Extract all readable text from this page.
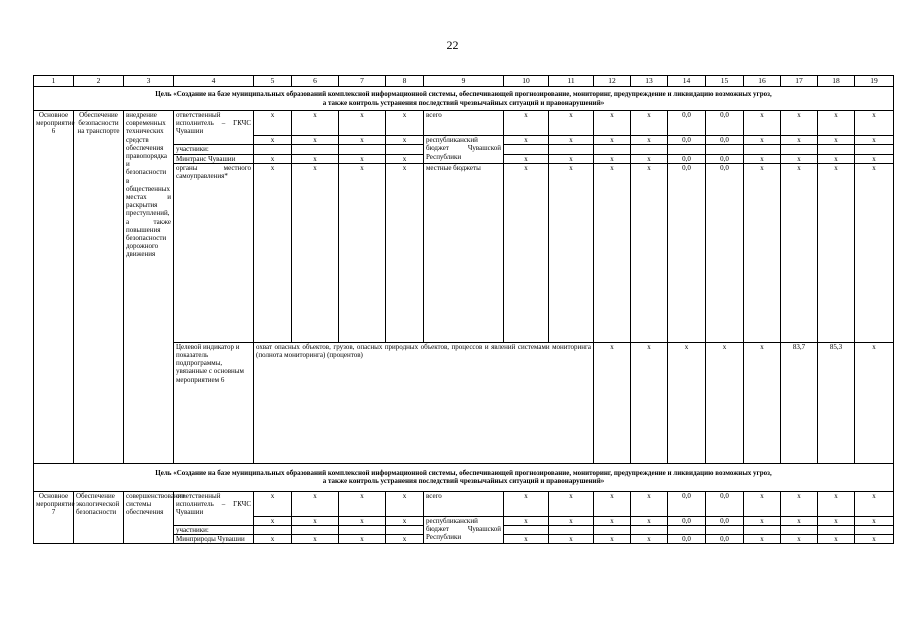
22
1	2	3	4	5	6	7	8	9	10	11	12	13	14	15	16	17	18	19	
Цель «Создание на базе муниципальных образований комплексной информационной системы, обеспечивающей прогнозирование, мониторинг, предупреждение и ликвидацию возможных угроз,
а также контроль устранения последствий чрезвычайных ситуаций и правонарушений»																			
Основное мероприятие 6	Обеспечение безопасности на транспорте	внедрение современных технических средств обеспечения правопорядка и безопасности в общественных местах и раскрытия преступлений, а также повышения безопасности дорожного движения	ответственный исполнитель – ГКЧС Чувашии	x	x	x	x	всего	x	x	x	x	0,0	0,0	x	x	x	x	
				x	x	x	x	республиканский бюджет Чувашской Республики	x	x	x	x	0,0	0,0	x	x	x	x	
			участники:																
			Минтранс Чувашии	x	x	x	x		x	x	x	x	0,0	0,0	x	x	x	x	
			органы местного самоуправления*	x	x	x	x	местные бюджеты	x	x	x	x	0,0	0,0	x	x	x	x	
			Целевой индикатор и показатель подпрограммы, увязанные с основным мероприятием 6	охват опасных объектов, грузов, опасных природных объектов, процессов и явлений системами мониторинга (полнота мониторинга) (процентов)							x	x	x	x	x	83,7	85,3	x			
Цель «Создание на базе муниципальных образований комплексной информационной системы, обеспечивающей прогнозирование, мониторинг, предупреждение и ликвидацию возможных угроз,
а также контроль устранения последствий чрезвычайных ситуаций и правонарушений»																			
Основное мероприятие 7	Обеспечение экологической безопасности	совершенствование системы обеспечения	ответственный исполнитель – ГКЧС Чувашии	x	x	x	x	всего	x	x	x	x	0,0	0,0	x	x	x	x	
				x	x	x	x	республиканский бюджет Чувашской Республики	x	x	x	x	0,0	0,0	x	x	x	x	
			участники:																
			Минприроды Чувашии	x	x	x	x		x	x	x	x	0,0	0,0	x	x	x	x	
